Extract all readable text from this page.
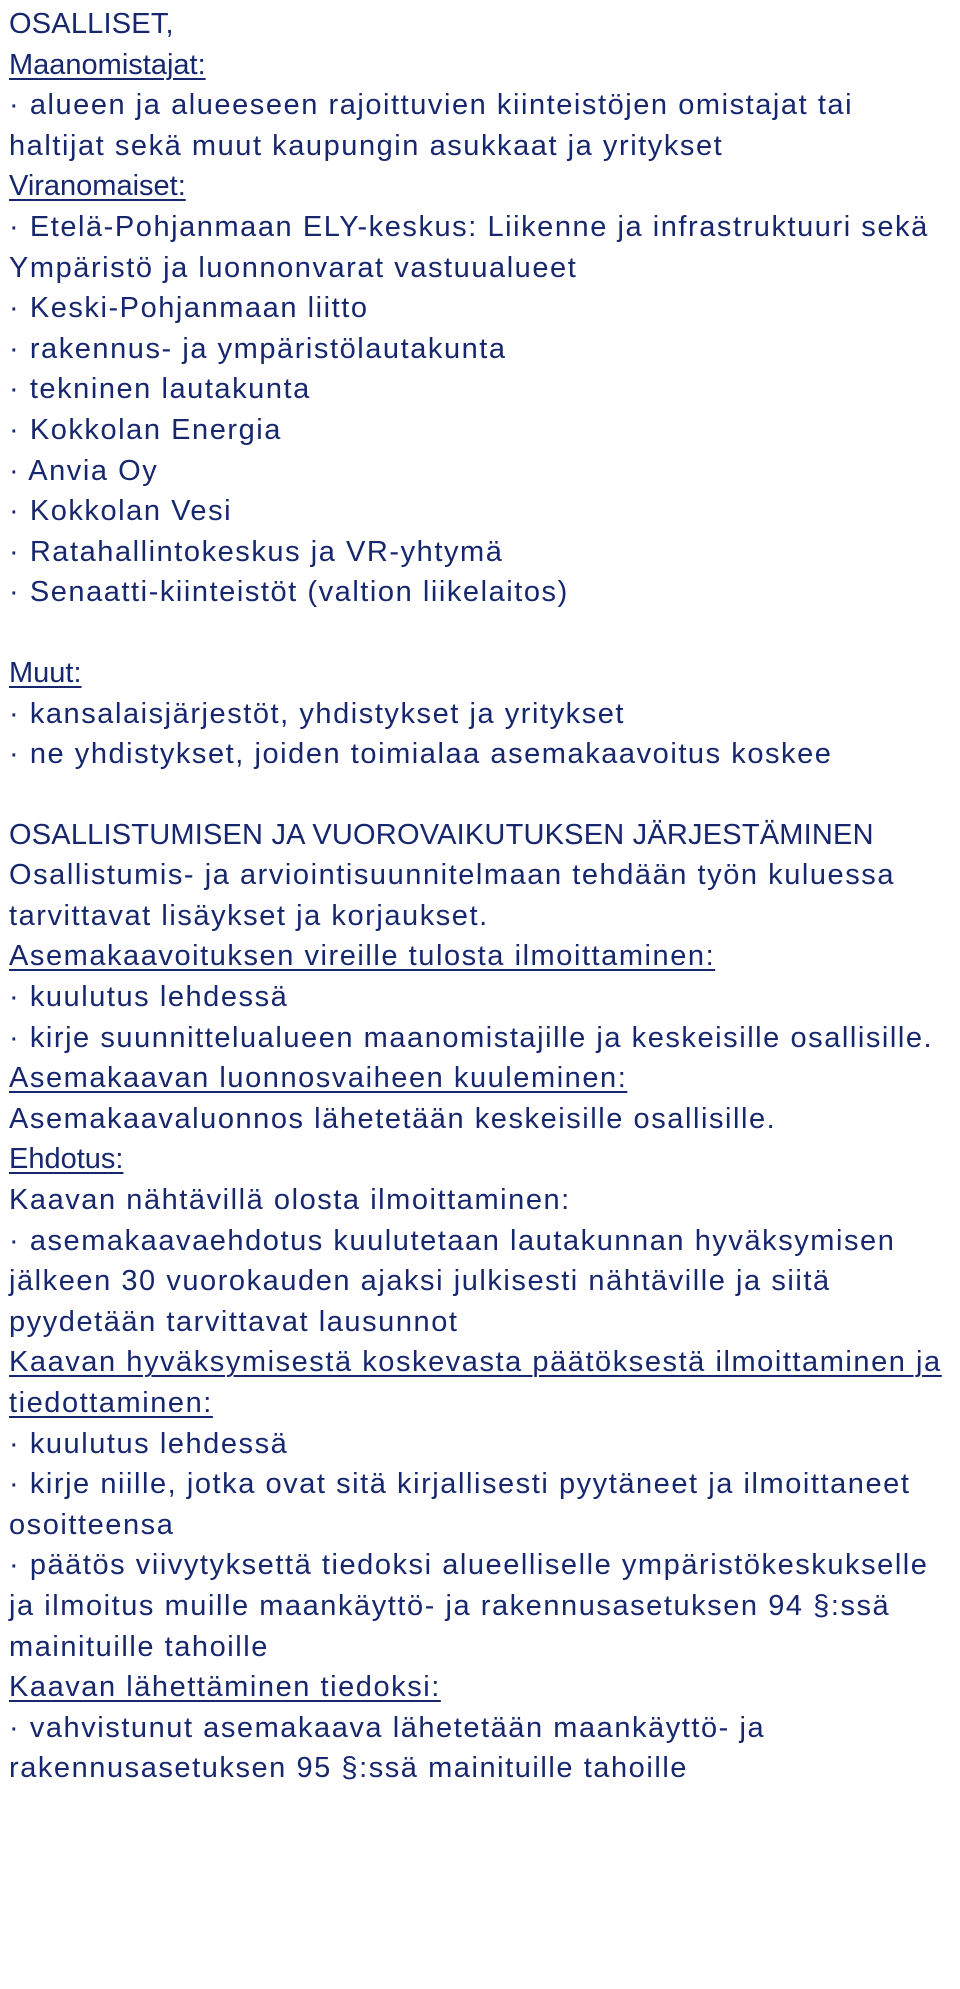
OSALLISET,

Maanomistajat:

· alueen ja alueeseen rajoittuvien kiinteistöjen omistajat tai haltijat sekä muut kaupungin asukkaat ja yritykset

Viranomaiset:

· Etelä-Pohjanmaan ELY-keskus: Liikenne ja infrastruktuuri sekä Ympäristö ja luonnonvarat vastuualueet

· Keski-Pohjanmaan liitto

· rakennus- ja ympäristölautakunta

· tekninen lautakunta

· Kokkolan Energia

· Anvia Oy

· Kokkolan Vesi

· Ratahallintokeskus ja VR-yhtymä

· Senaatti-kiinteistöt (valtion liikelaitos)

Muut:

· kansalaisjärjestöt, yhdistykset ja yritykset

· ne yhdistykset, joiden toimialaa asemakaavoitus koskee

OSALLISTUMISEN JA VUOROVAIKUTUKSEN JÄRJESTÄMINEN

Osallistumis- ja arviointisuunnitelmaan tehdään työn kuluessa tarvittavat lisäykset ja korjaukset.

Asemakaavoituksen vireille tulosta ilmoittaminen:

· kuulutus lehdessä

· kirje suunnittelualueen maanomistajille ja keskeisille osallisille.

Asemakaavan luonnosvaiheen kuuleminen:

Asemakaavaluonnos lähetetään keskeisille osallisille.

Ehdotus:

Kaavan nähtävillä olosta ilmoittaminen:

· asemakaavaehdotus kuulutetaan lautakunnan hyväksymisen jälkeen 30 vuorokauden ajaksi julkisesti nähtäville ja siitä pyydetään tarvittavat lausunnot

Kaavan hyväksymisestä koskevasta päätöksestä ilmoittaminen ja tiedottaminen:

· kuulutus lehdessä

· kirje niille, jotka ovat sitä kirjallisesti pyytäneet ja ilmoittaneet osoitteensa

· päätös viivytyksettä tiedoksi alueelliselle ympäristökeskukselle ja ilmoitus muille maankäyttö- ja rakennusasetuksen 94 §:ssä mainituille tahoille

Kaavan lähettäminen tiedoksi:

· vahvistunut asemakaava lähetetään maankäyttö- ja rakennusasetuksen 95 §:ssä mainituille tahoille
